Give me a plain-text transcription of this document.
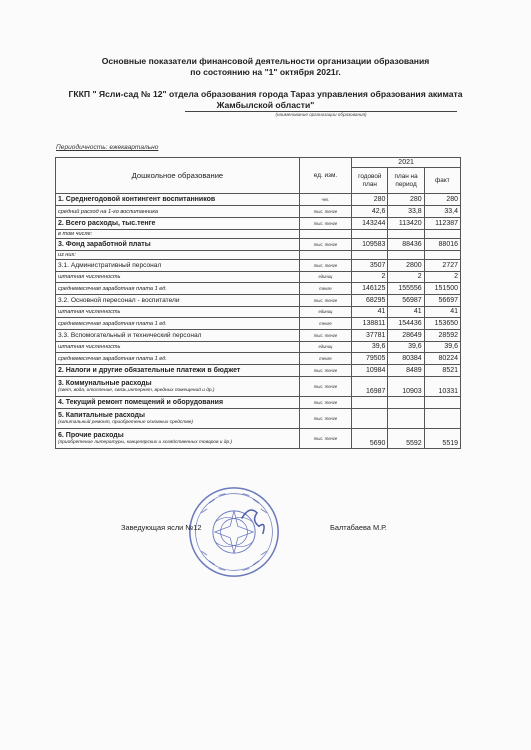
Основные показатели финансовой деятельности организации образования
по состоянию на "1" октября 2021г.
ГККП " Ясли-сад № 12" отдела образования города Тараз управления образования акимата
Жамбылской области"
(наименование организации образования)
Периодичность: ежеквартально
Дошкольное образование	ед. изм.	2021		
		годовой план	план на период	факт
1. Среднегодовой контингент воспитанников	чел.	280	280	280
средний расход на 1-го воспитанника	тыс. тенге	42,6	33,8	33,4
2. Всего расходы, тыс.тенге	тыс. тенге	143244	113420	112387
в том числе:				
3. Фонд заработной платы	тыс. тенге	109583	88436	88016
из них:				
3.1. Административный персонал	тыс. тенге	3507	2800	2727
штатная численность	единиц	2	2	2
среднемесячная заработная плата 1 ед.	тенге	146125	155556	151500
3.2. Основной пересонал - воспитатели	тыс. тенге	68295	56987	56697
штатная численность	единиц	41	41	41
среднемесячная заработная плата 1 ед.	тенге	138811	154436	153650
3.3. Вспомогательный и технический персонал	тыс. тенге	37781	28649	28592
штатная численность	единиц	39,6	39,6	39,6
среднемесячная заработная плата 1 ед.	тенге	79505	80384	80224
2. Налоги и другие обязательные платежи в бюджет	тыс. тенге	10984	8489	8521
3. Коммунальные расходы
(свет, вода, отопление, связь,интернет, вредных помещений и др.)	тыс. тенге	16987	10903	10331
4. Текущий ремонт помещений и оборудования	тыс. тенге			
5. Капитальные расходы
(капитальный ремонт, приобретение основных средстве)	тыс. тенге			
6. Прочие расходы
(приобретение литературы, канцелярских и хозяйственных товаров и др.)	тыс. тенге	5690	5592	5519
Заведующая ясли №12	Балтабаева М.Р.
